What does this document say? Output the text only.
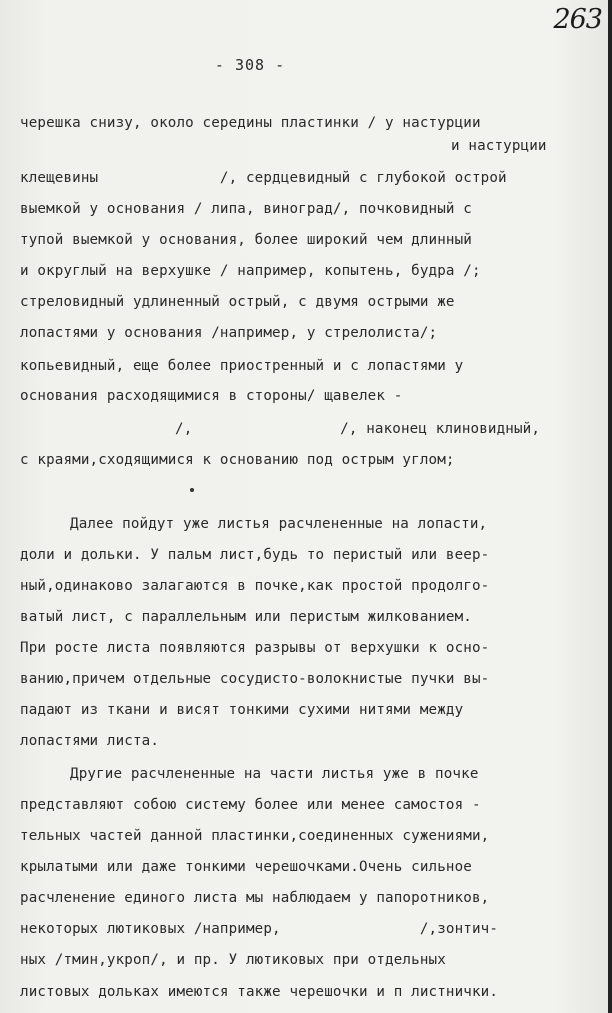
263
- 308 -
черешка снизу, около середины пластинки / у настурции
и настурции
клещевины              /, сердцевидный с глубокой острой
выемкой у основания / липа, виноград/, почковидный с
тупой выемкой у основания, более широкий чем длинный
и округлый на верхушке / например, копытень, будра /;
стреловидный удлиненный острый, с двумя острыми же
лопастями у основания /например, у стрелолиста/;
копьевидный, еще более приостренный и с лопастями у
основания расходящимися в стороны/ щавелек -
/,                 /, наконец клиновидный,
с краями,сходящимися к основанию под острым углом;
Далее пойдут уже листья расчлененные на лопасти,
доли и дольки. У пальм лист,будь то перистый или веер-
ный,одинаково залагаются в почке,как простой продолго-
ватый лист, с параллельным или перистым жилкованием.
При росте листа появляются разрывы от верхушки к осно-
ванию,причем отдельные сосудисто-волокнистые пучки вы-
падают из ткани и висят тонкими сухими нитями между
лопастями листа.
Другие расчлененные на части листья уже в почке
представляют собою систему более или менее самостоя -
тельных частей данной пластинки,соединенных сужениями,
крылатыми или даже тонкими черешочками.Очень сильное
расчленение единого листа мы наблюдаем у папоротников,
некоторых лютиковых /например,                /,зонтич-
ных /тмин,укроп/, и пр. У лютиковых при отдельных
листовых дольках имеются также черешочки и п листнички.
